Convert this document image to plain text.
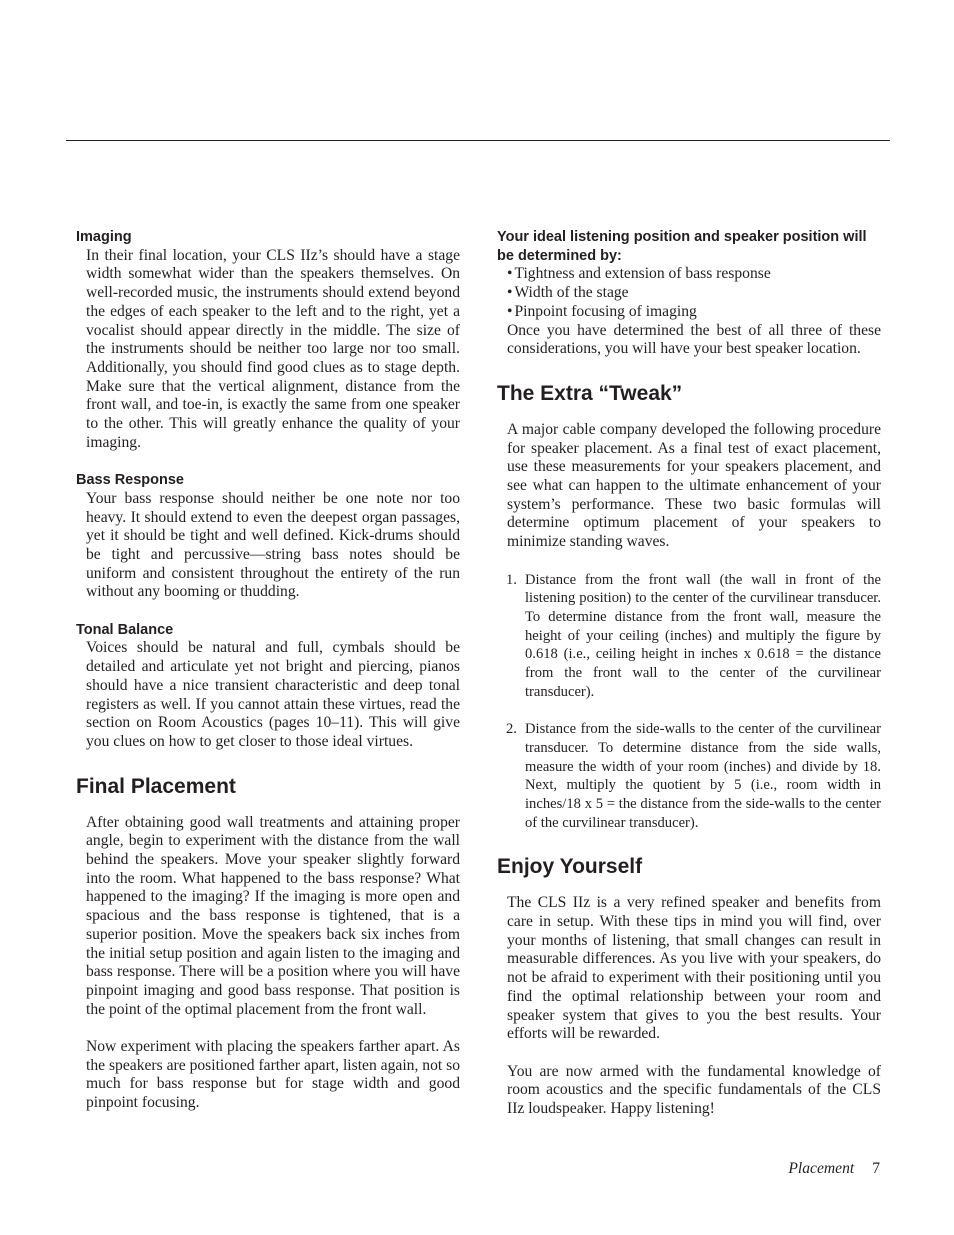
Imaging

In their final location, your CLS IIz’s should have a stage width somewhat wider than the speakers themselves. On well-recorded music, the instruments should extend beyond the edges of each speaker to the left and to the right, yet a vocalist should appear directly in the middle. The size of the instruments should be neither too large nor too small. Additionally, you should find good clues as to stage depth. Make sure that the vertical alignment, distance from the front wall, and toe-in, is exactly the same from one speaker to the other. This will greatly enhance the quality of your imaging.

Bass Response

Your bass response should neither be one note nor too heavy. It should extend to even the deepest organ passages, yet it should be tight and well defined. Kick-drums should be tight and percussive—string bass notes should be uniform and consistent throughout the entirety of the run without any booming or thudding.

Tonal Balance

Voices should be natural and full, cymbals should be detailed and articulate yet not bright and piercing, pianos should have a nice transient characteristic and deep tonal registers as well. If you cannot attain these virtues, read the section on Room Acoustics (pages 10–11). This will give you clues on how to get closer to those ideal virtues.

Final Placement

After obtaining good wall treatments and attaining proper angle, begin to experiment with the distance from the wall behind the speakers. Move your speaker slightly forward into the room. What happened to the bass response? What happened to the imaging? If the imaging is more open and spacious and the bass response is tightened, that is a superior position. Move the speakers back six inches from the initial setup position and again listen to the imaging and bass response. There will be a position where you will have pinpoint imaging and good bass response. That position is the point of the optimal placement from the front wall.

Now experiment with placing the speakers farther apart. As the speakers are positioned farther apart, listen again, not so much for bass response but for stage width and good pinpoint focusing.

Your ideal listening position and speaker position will be determined by:
• Tightness and extension of bass response
• Width of the stage
• Pinpoint focusing of imaging

Once you have determined the best of all three of these considerations, you will have your best speaker location.

The Extra “Tweak”

A major cable company developed the following procedure for speaker placement. As a final test of exact placement, use these measurements for your speakers placement, and see what can happen to the ultimate enhancement of your system’s performance. These two basic formulas will determine optimum placement of your speakers to minimize standing waves.

1. Distance from the front wall (the wall in front of the listening position) to the center of the curvilinear transducer. To determine distance from the front wall, measure the height of your ceiling (inches) and multiply the figure by 0.618 (i.e., ceiling height in inches x 0.618 = the distance from the front wall to the center of the curvilinear transducer).
2. Distance from the side-walls to the center of the curvilinear transducer. To determine distance from the side walls, measure the width of your room (inches) and divide by 18. Next, multiply the quotient by 5 (i.e., room width in inches/18 x 5 = the distance from the side-walls to the center of the curvilinear transducer).
Enjoy Yourself

The CLS IIz is a very refined speaker and benefits from care in setup. With these tips in mind you will find, over your months of listening, that small changes can result in measurable differences. As you live with your speakers, do not be afraid to experiment with their positioning until you find the optimal relationship between your room and speaker system that gives to you the best results. Your efforts will be rewarded.

You are now armed with the fundamental knowledge of room acoustics and the specific fundamentals of the CLS IIz loudspeaker. Happy listening!

Placement 7
